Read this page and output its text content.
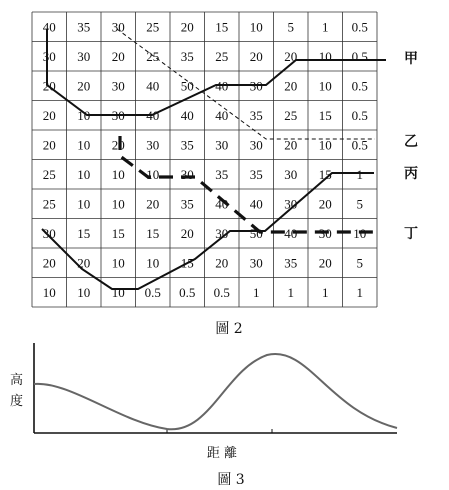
40 35 30 25 20 15 10 5 1 0.5
30 30 20 25 35 25 20 20 10 0.5
20 20 30 40 50 40 30 20 10 0.5
20 10 30 40 40 40 35 25 15 0.5
20 10 20 30 35 30 30 20 10 0.5
25 10 10 10 30 35 35 30 15 1
25 10 10 20 35 40 40 30 20 5
30 15 15 15 20 30 50 40 30 10
20 20 10 10 15 20 30 35 20 5
10 10 10 0.5 0.5 0.5 1 1 1 1
甲
乙
丙
丁
圖 2
高
度
距 離
圖 3
